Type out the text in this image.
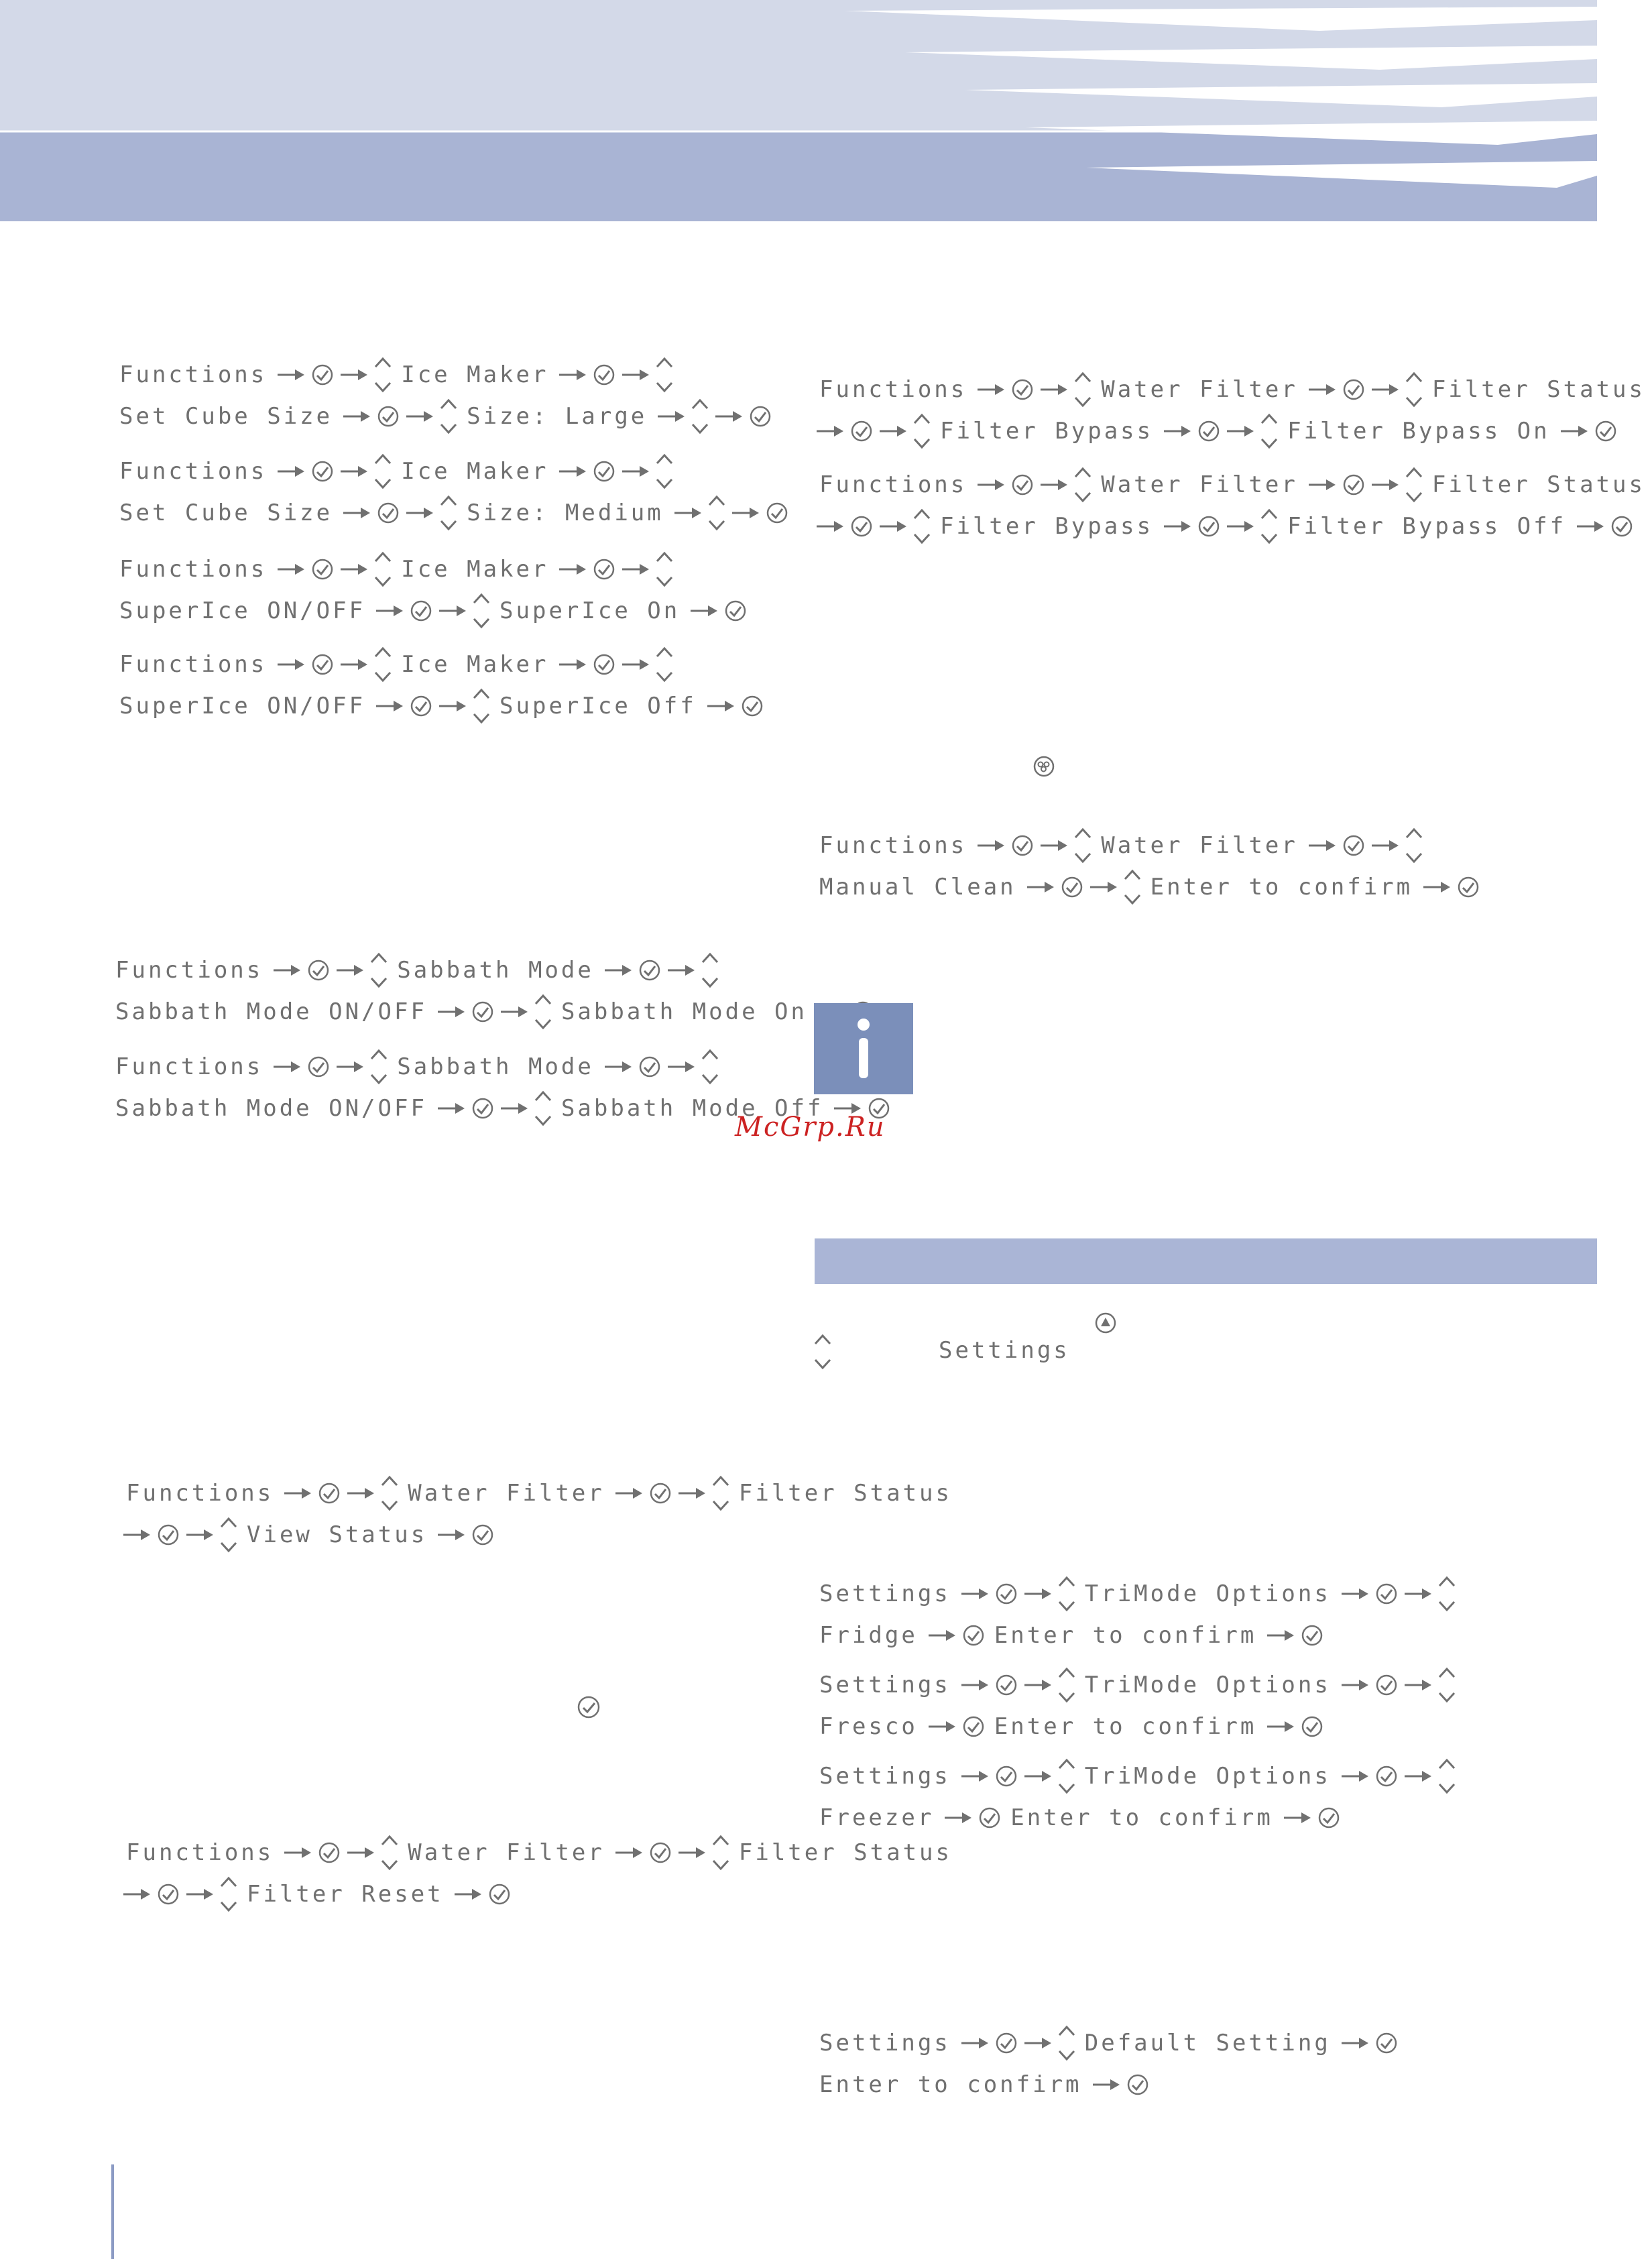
Functions	Ice Maker
Set Cube Size	Size: Large
Functions	Ice Maker
Set Cube Size	Size: Medium
Functions	Ice Maker
SuperIce ON/OFF	SuperIce On
Functions	Ice Maker
SuperIce ON/OFF	SuperIce Off
Functions	Sabbath Mode
Sabbath Mode ON/OFF	Sabbath Mode On
Functions	Sabbath Mode
Sabbath Mode ON/OFF	Sabbath Mode Off
Functions	Water Filter	Filter Status
View Status
Functions	Water Filter	Filter Status
Filter Reset
Functions	Water Filter	Filter Status
Filter Bypass	Filter Bypass On
Functions	Water Filter	Filter Status
Filter Bypass	Filter Bypass Off
Functions	Water Filter
Manual Clean	Enter to confirm
Settings	TriMode Options
Fridge	Enter to confirm
Settings	TriMode Options
Fresco	Enter to confirm
Settings	TriMode Options
Freezer	Enter to confirm
Settings	Default Setting
Enter to confirm
Settings
McGrp.Ru
